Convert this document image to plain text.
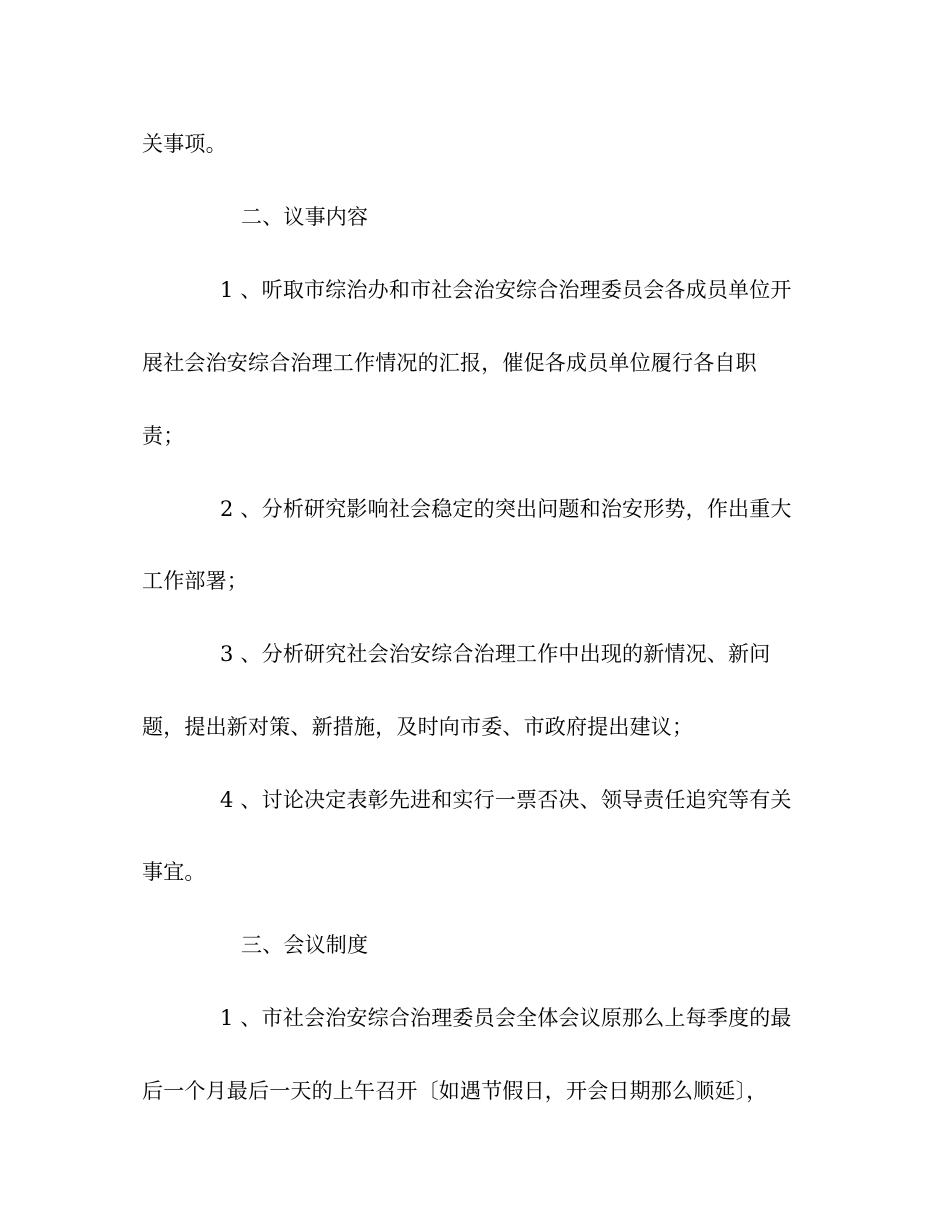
关事项。
二、议事内容
1 、听取市综治办和市社会治安综合治理委员会各成员单位开
展社会治安综合治理工作情况的汇报，催促各成员单位履行各自职
责；
2 、分析研究影响社会稳定的突出问题和治安形势，作出重大
工作部署；
3 、分析研究社会治安综合治理工作中出现的新情况、新问
题，提出新对策、新措施，及时向市委、市政府提出建议；
4 、讨论决定表彰先进和实行一票否决、领导责任追究等有关
事宜。
三、会议制度
1 、市社会治安综合治理委员会全体会议原那么上每季度的最
后一个月最后一天的上午召开〔如遇节假日，开会日期那么顺延〕，
